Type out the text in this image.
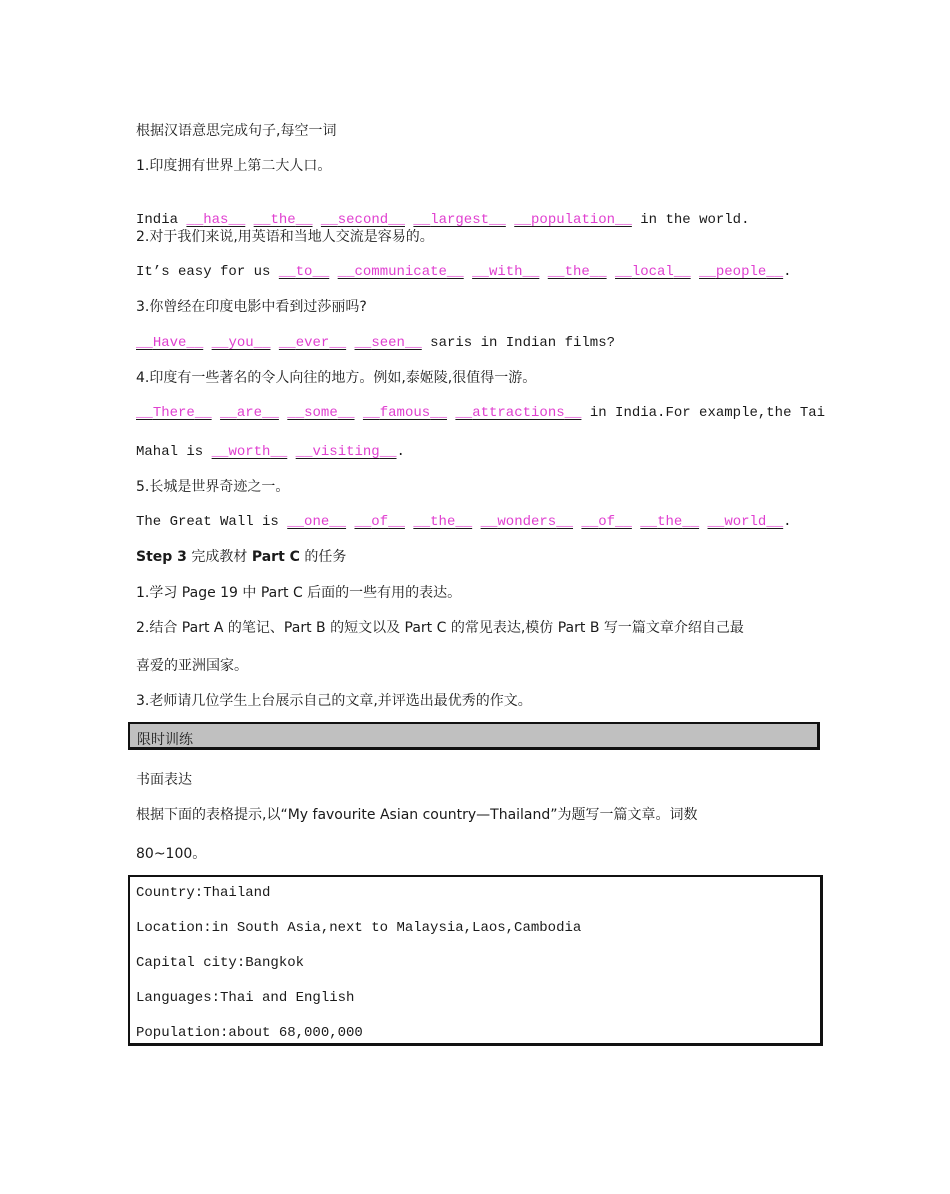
根据汉语意思完成句子,每空一词
1.印度拥有世界上第二大人口。

India __has__ __the__ __second__ __largest__ __population__ in the world.
2.对于我们来说,用英语和当地人交流是容易的。
It’s easy for us __to__ __communicate__ __with__ __the__ __local__ __people__.
3.你曾经在印度电影中看到过莎丽吗?
__Have__ __you__ __ever__ __seen__ saris in Indian films?
4.印度有一些著名的令人向往的地方。例如,泰姬陵,很值得一游。
__There__ __are__ __some__ __famous__ __attractions__ in India.For example,the Tai
Mahal is __worth__ __visiting__.
5.长城是世界奇迹之一。
The Great Wall is __one__ __of__ __the__ __wonders__ __of__ __the__ __world__.
Step 3 完成教材 Part C 的任务
1.学习 Page 19 中 Part C 后面的一些有用的表达。
2.结合 Part A 的笔记、Part B 的短文以及 Part C 的常见表达,模仿 Part B 写一篇文章介绍自己最
喜爱的亚洲国家。
3.老师请几位学生上台展示自己的文章,并评选出最优秀的作文。
限时训练
书面表达
根据下面的表格提示,以“My favourite Asian country—Thailand”为题写一篇文章。词数
80~100。
Country:Thailand
Location:in South Asia,next to Malaysia,Laos,Cambodia
Capital city:Bangkok
Languages:Thai and English
Population:about 68,000,000
